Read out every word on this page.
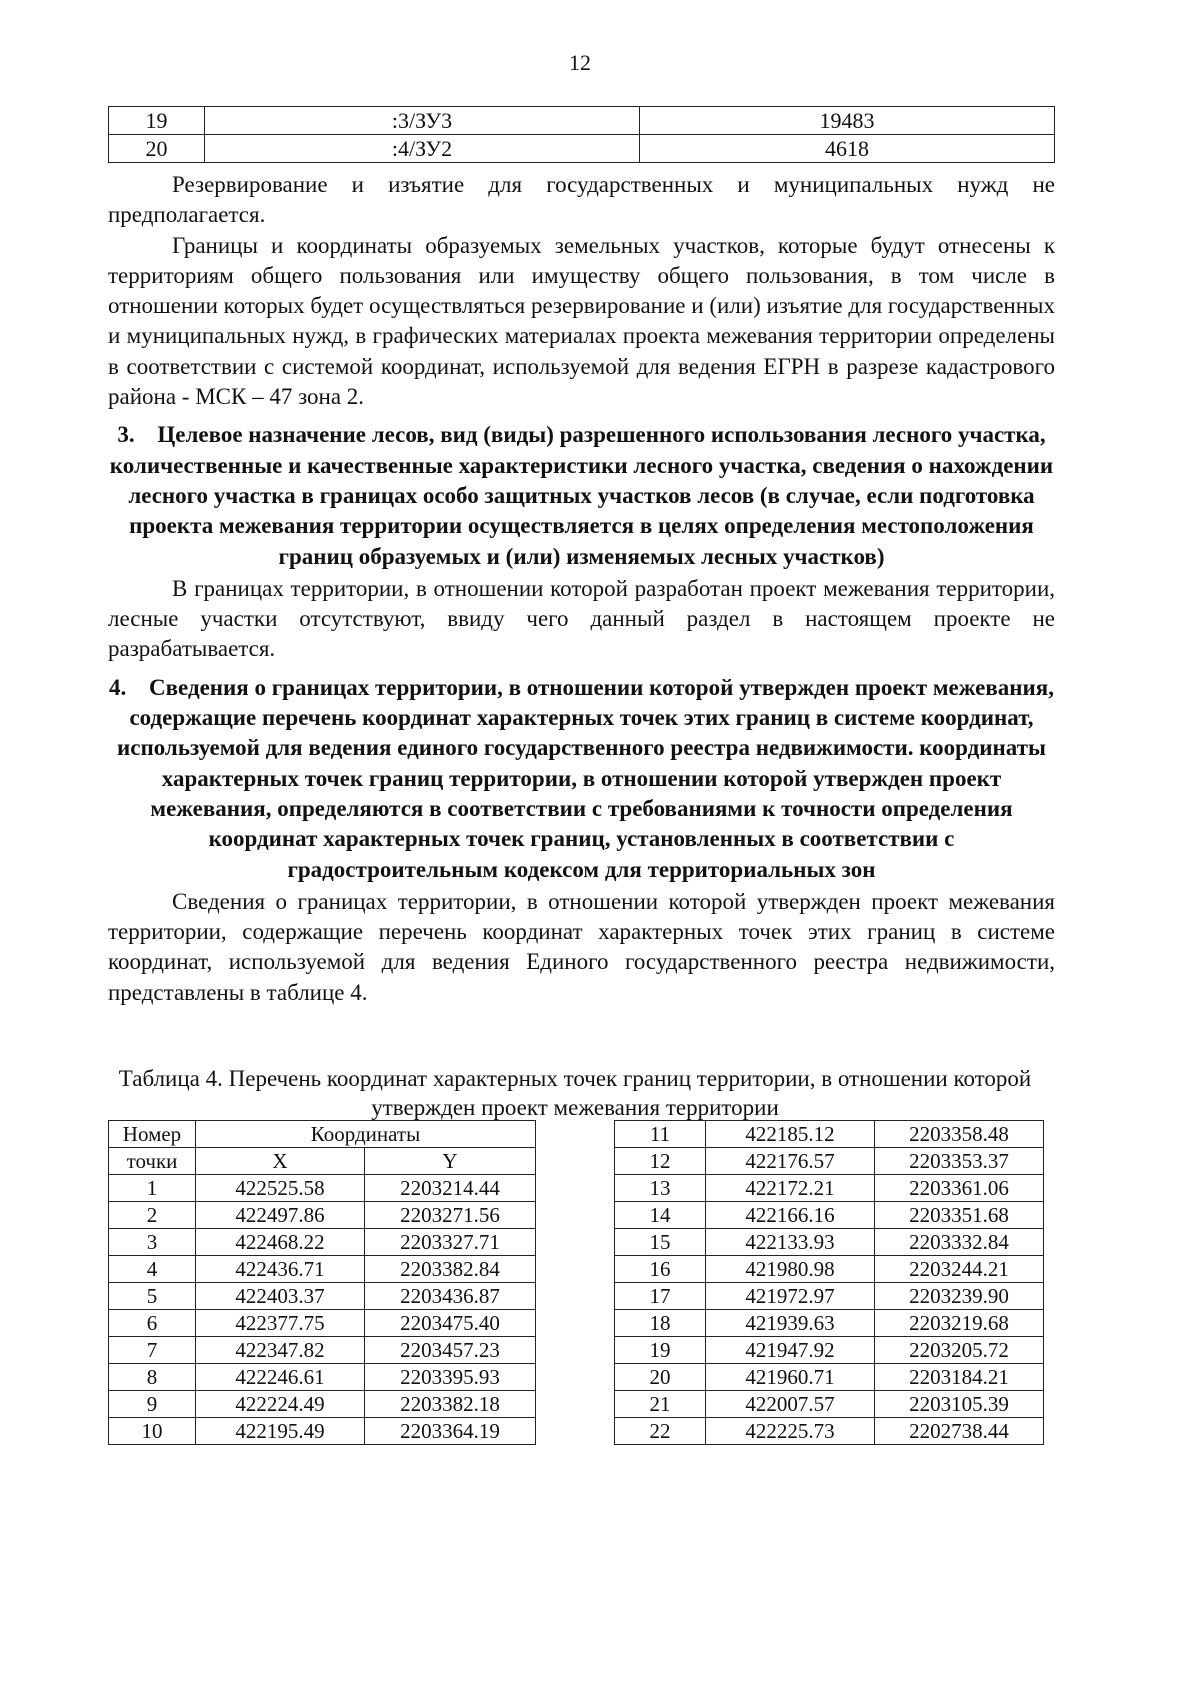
12
19	:3/ЗУ3	19483
20	:4/ЗУ2	4618

Резервирование и изъятие для государственных и муниципальных нужд не предполагается.

Границы и координаты образуемых земельных участков, которые будут отнесены к территориям общего пользования или имуществу общего пользования, в том числе в отношении которых будет осуществляться резервирование и (или) изъятие для государственных и муниципальных нужд, в графических материалах проекта межевания территории определены в соответствии с системой координат, используемой для ведения ЕГРН в разрезе кадастрового района - МСК – 47 зона 2.

3. Целевое назначение лесов, вид (виды) разрешенного использования лесного участка, количественные и качественные характеристики лесного участка, сведения о нахождении лесного участка в границах особо защитных участков лесов (в случае, если подготовка проекта межевания территории осуществляется в целях определения местоположения границ образуемых и (или) изменяемых лесных участков)

В границах территории, в отношении которой разработан проект межевания территории, лесные участки отсутствуют, ввиду чего данный раздел в настоящем проекте не разрабатывается.

4. Сведения о границах территории, в отношении которой утвержден проект межевания, содержащие перечень координат характерных точек этих границ в системе координат, используемой для ведения единого государственного реестра недвижимости. координаты характерных точек границ территории, в отношении которой утвержден проект межевания, определяются в соответствии с требованиями к точности определения координат характерных точек границ, установленных в соответствии с градостроительным кодексом для территориальных зон

Сведения о границах территории, в отношении которой утвержден проект межевания территории, содержащие перечень координат характерных точек этих границ в системе координат, используемой для ведения Единого государственного реестра недвижимости, представлены в таблице 4.

Таблица 4. Перечень координат характерных точек границ территории, в отношении которой утвержден проект межевания территории
Номер	Координаты	
точки	X	Y
1	422525.58	2203214.44
2	422497.86	2203271.56
3	422468.22	2203327.71
4	422436.71	2203382.84
5	422403.37	2203436.87
6	422377.75	2203475.40
7	422347.82	2203457.23
8	422246.61	2203395.93
9	422224.49	2203382.18
10	422195.49	2203364.19
11	422185.12	2203358.48
12	422176.57	2203353.37
13	422172.21	2203361.06
14	422166.16	2203351.68
15	422133.93	2203332.84
16	421980.98	2203244.21
17	421972.97	2203239.90
18	421939.63	2203219.68
19	421947.92	2203205.72
20	421960.71	2203184.21
21	422007.57	2203105.39
22	422225.73	2202738.44
